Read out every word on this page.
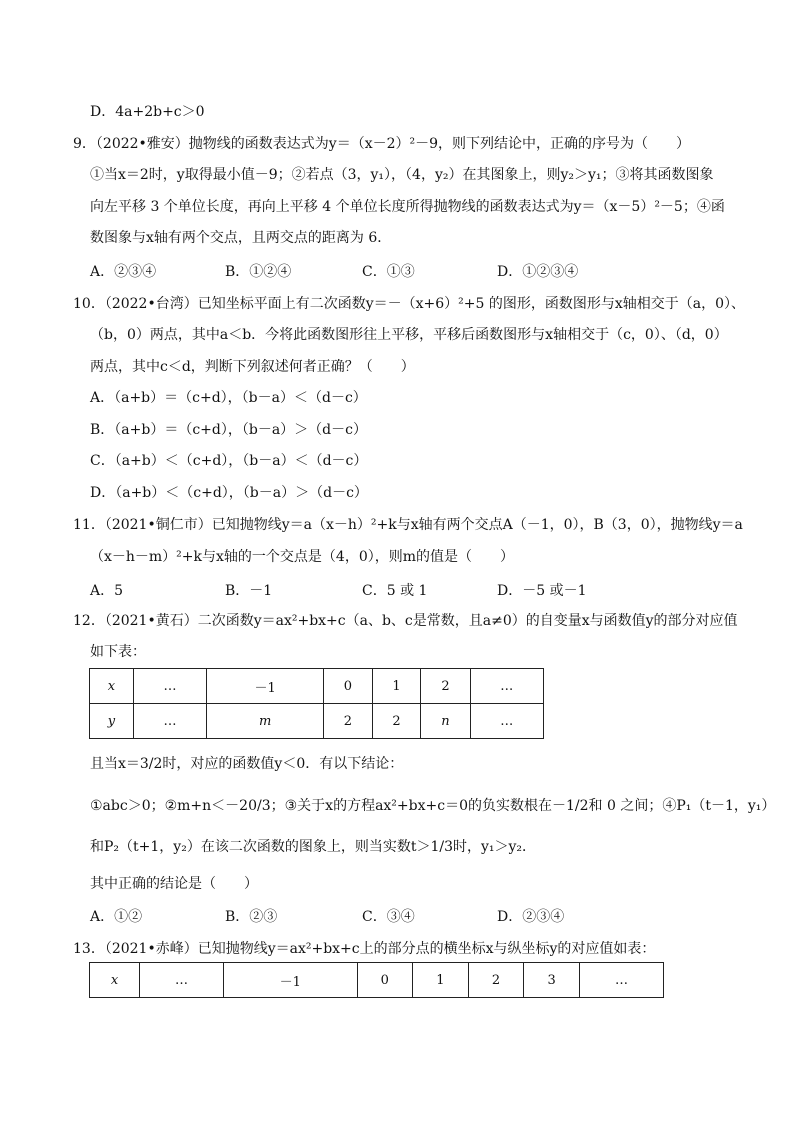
D．4a+2b+c＞0
9．（2022•雅安）抛物线的函数表达式为y＝（x－2）²－9，则下列结论中，正确的序号为（　　）
①当x＝2时，y取得最小值－9；②若点（3，y₁），（4，y₂）在其图象上，则y₂＞y₁；③将其函数图象
向左平移 3 个单位长度，再向上平移 4 个单位长度所得抛物线的函数表达式为y＝（x－5）²－5；④函
数图象与x轴有两个交点，且两交点的距离为 6．
A．②③④	B．①②④	C．①③	D．①②③④
10．（2022•台湾）已知坐标平面上有二次函数y＝－（x+6）²+5 的图形，函数图形与x轴相交于（a，0）、
（b，0）两点，其中a＜b．今将此函数图形往上平移，平移后函数图形与x轴相交于（c，0）、（d，0）
两点，其中c＜d，判断下列叙述何者正确？（　　）
A．（a+b）＝（c+d），（b－a）＜（d－c）
B．（a+b）＝（c+d），（b－a）＞（d－c）
C．（a+b）＜（c+d），（b－a）＜（d－c）
D．（a+b）＜（c+d），（b－a）＞（d－c）
11．（2021•铜仁市）已知抛物线y＝a（x－h）²+k与x轴有两个交点A（－1，0），B（3，0），抛物线y＝a
（x－h－m）²+k与x轴的一个交点是（4，0），则m的值是（　　）
A．5	B．－1	C．5 或 1	D．－5 或－1
12．（2021•黄石）二次函数y＝ax²+bx+c（a、b、c是常数，且a≠0）的自变量x与函数值y的部分对应值
如下表：
x	…	－1	0	1	2	…
y	…	m	2	2	n	…
且当x＝3/2时，对应的函数值y＜0．有以下结论：
①abc＞0；②m+n＜－20/3；③关于x的方程ax²+bx+c＝0的负实数根在－1/2和 0 之间；④P₁（t－1，y₁）
和P₂（t+1，y₂）在该二次函数的图象上，则当实数t＞1/3时，y₁＞y₂．
其中正确的结论是（　　）
A．①②	B．②③	C．③④	D．②③④
13．（2021•赤峰）已知抛物线y＝ax²+bx+c上的部分点的横坐标x与纵坐标y的对应值如表：
x	…	－1	0	1	2	3	…
